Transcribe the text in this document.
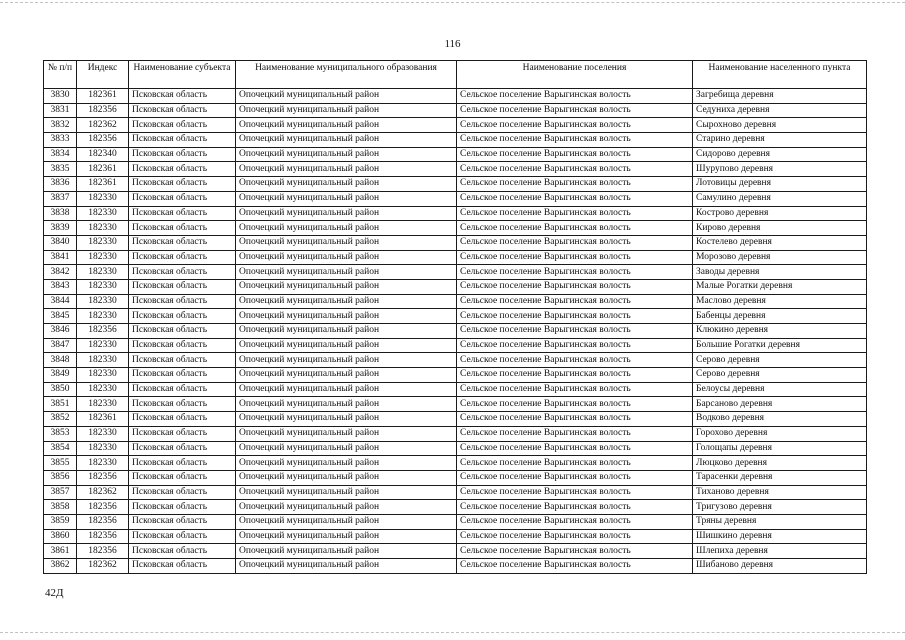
116
№ п/п	Индекс	Наименование субъекта	Наименование муниципального образования	Наименование поселения	Наименование населенного пункта
3830	182361	Псковская область	Опочецкий муниципальный район	Сельское поселение Варыгинская волость	Загребища деревня
3831	182356	Псковская область	Опочецкий муниципальный район	Сельское поселение Варыгинская волость	Седуниха деревня
3832	182362	Псковская область	Опочецкий муниципальный район	Сельское поселение Варыгинская волость	Сырохново деревня
3833	182356	Псковская область	Опочецкий муниципальный район	Сельское поселение Варыгинская волость	Старино деревня
3834	182340	Псковская область	Опочецкий муниципальный район	Сельское поселение Варыгинская волость	Сидорово деревня
3835	182361	Псковская область	Опочецкий муниципальный район	Сельское поселение Варыгинская волость	Шурупово деревня
3836	182361	Псковская область	Опочецкий муниципальный район	Сельское поселение Варыгинская волость	Лотовицы деревня
3837	182330	Псковская область	Опочецкий муниципальный район	Сельское поселение Варыгинская волость	Самулино деревня
3838	182330	Псковская область	Опочецкий муниципальный район	Сельское поселение Варыгинская волость	Кострово деревня
3839	182330	Псковская область	Опочецкий муниципальный район	Сельское поселение Варыгинская волость	Кирово деревня
3840	182330	Псковская область	Опочецкий муниципальный район	Сельское поселение Варыгинская волость	Костелево деревня
3841	182330	Псковская область	Опочецкий муниципальный район	Сельское поселение Варыгинская волость	Морозово деревня
3842	182330	Псковская область	Опочецкий муниципальный район	Сельское поселение Варыгинская волость	Заводы деревня
3843	182330	Псковская область	Опочецкий муниципальный район	Сельское поселение Варыгинская волость	Малые Рогатки деревня
3844	182330	Псковская область	Опочецкий муниципальный район	Сельское поселение Варыгинская волость	Маслово деревня
3845	182330	Псковская область	Опочецкий муниципальный район	Сельское поселение Варыгинская волость	Бабенцы деревня
3846	182356	Псковская область	Опочецкий муниципальный район	Сельское поселение Варыгинская волость	Клюкино деревня
3847	182330	Псковская область	Опочецкий муниципальный район	Сельское поселение Варыгинская волость	Большие Рогатки деревня
3848	182330	Псковская область	Опочецкий муниципальный район	Сельское поселение Варыгинская волость	Серово деревня
3849	182330	Псковская область	Опочецкий муниципальный район	Сельское поселение Варыгинская волость	Серово деревня
3850	182330	Псковская область	Опочецкий муниципальный район	Сельское поселение Варыгинская волость	Белоусы деревня
3851	182330	Псковская область	Опочецкий муниципальный район	Сельское поселение Варыгинская волость	Барсаново деревня
3852	182361	Псковская область	Опочецкий муниципальный район	Сельское поселение Варыгинская волость	Водково деревня
3853	182330	Псковская область	Опочецкий муниципальный район	Сельское поселение Варыгинская волость	Горохово деревня
3854	182330	Псковская область	Опочецкий муниципальный район	Сельское поселение Варыгинская волость	Голощапы деревня
3855	182330	Псковская область	Опочецкий муниципальный район	Сельское поселение Варыгинская волость	Люцково деревня
3856	182356	Псковская область	Опочецкий муниципальный район	Сельское поселение Варыгинская волость	Тарасенки деревня
3857	182362	Псковская область	Опочецкий муниципальный район	Сельское поселение Варыгинская волость	Тиханово деревня
3858	182356	Псковская область	Опочецкий муниципальный район	Сельское поселение Варыгинская волость	Тригузово деревня
3859	182356	Псковская область	Опочецкий муниципальный район	Сельское поселение Варыгинская волость	Тряны деревня
3860	182356	Псковская область	Опочецкий муниципальный район	Сельское поселение Варыгинская волость	Шишкино деревня
3861	182356	Псковская область	Опочецкий муниципальный район	Сельское поселение Варыгинская волость	Шлепиха деревня
3862	182362	Псковская область	Опочецкий муниципальный район	Сельское поселение Варыгинская волость	Шибаново деревня
42Д
